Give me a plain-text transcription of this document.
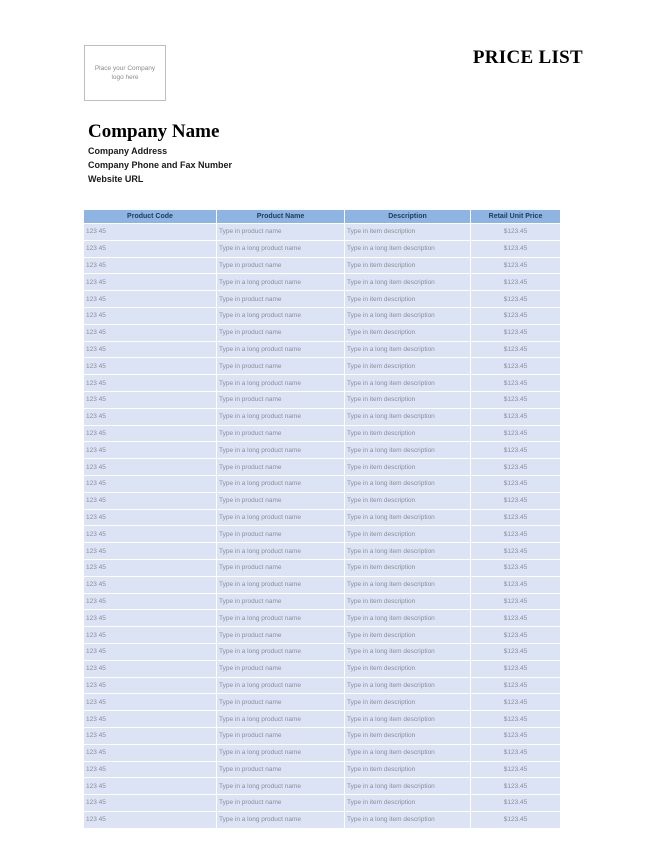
Place your Company logo here
PRICE LIST
Company Name
Company Address
Company Phone and Fax Number
Website URL
Product Code	Product Name	Description	Retail Unit Price
123 45	Type in product name	Type in item description	$123.45
123 45	Type in a long product name	Type in a long item description	$123.45
123 45	Type in product name	Type in item description	$123.45
123 45	Type in a long product name	Type in a long item description	$123.45
123 45	Type in product name	Type in item description	$123.45
123 45	Type in a long product name	Type in a long item description	$123.45
123 45	Type in product name	Type in item description	$123.45
123 45	Type in a long product name	Type in a long item description	$123.45
123 45	Type in product name	Type in item description	$123.45
123 45	Type in a long product name	Type in a long item description	$123.45
123 45	Type in product name	Type in item description	$123.45
123 45	Type in a long product name	Type in a long item description	$123.45
123 45	Type in product name	Type in item description	$123.45
123 45	Type in a long product name	Type in a long item description	$123.45
123 45	Type in product name	Type in item description	$123.45
123 45	Type in a long product name	Type in a long item description	$123.45
123 45	Type in product name	Type in item description	$123.45
123 45	Type in a long product name	Type in a long item description	$123.45
123 45	Type in product name	Type in item description	$123.45
123 45	Type in a long product name	Type in a long item description	$123.45
123 45	Type in product name	Type in item description	$123.45
123 45	Type in a long product name	Type in a long item description	$123.45
123 45	Type in product name	Type in item description	$123.45
123 45	Type in a long product name	Type in a long item description	$123.45
123 45	Type in product name	Type in item description	$123.45
123 45	Type in a long product name	Type in a long item description	$123.45
123 45	Type in product name	Type in item description	$123.45
123 45	Type in a long product name	Type in a long item description	$123.45
123 45	Type in product name	Type in item description	$123.45
123 45	Type in a long product name	Type in a long item description	$123.45
123 45	Type in product name	Type in item description	$123.45
123 45	Type in a long product name	Type in a long item description	$123.45
123 45	Type in product name	Type in item description	$123.45
123 45	Type in a long product name	Type in a long item description	$123.45
123 45	Type in product name	Type in item description	$123.45
123 45	Type in a long product name	Type in a long item description	$123.45
